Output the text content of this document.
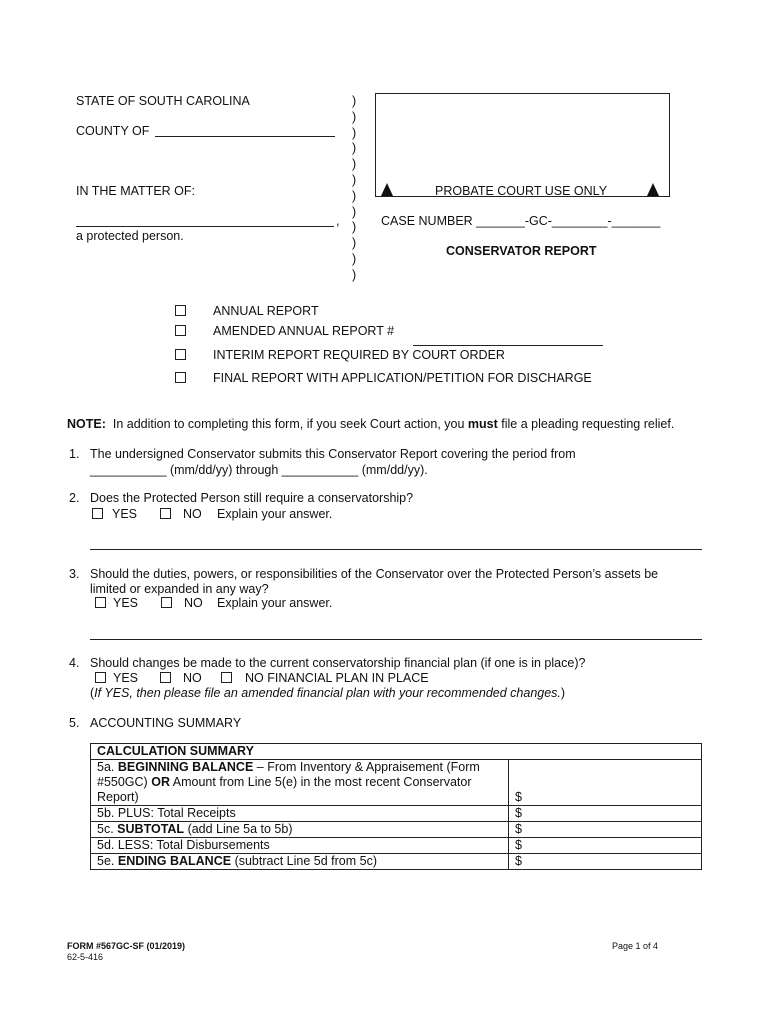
STATE OF SOUTH CAROLINA
COUNTY OF
IN THE MATTER OF:
,
a protected person.
)
)
)
)
)
)
)
)
)
)
)
)
PROBATE COURT USE ONLY
CASE NUMBER _______-GC-________-_______
CONSERVATOR REPORT
ANNUAL REPORT
AMENDED ANNUAL REPORT #
INTERIM REPORT REQUIRED BY COURT ORDER
FINAL REPORT WITH APPLICATION/PETITION FOR DISCHARGE
NOTE: In addition to completing this form, if you seek Court action, you must file a pleading requesting relief.
1. The undersigned Conservator submits this Conservator Report covering the period from
___________ (mm/dd/yy) through ___________ (mm/dd/yy).
2. Does the Protected Person still require a conservatorship?
YES	NO Explain your answer.
3. Should the duties, powers, or responsibilities of the Conservator over the Protected Person’s assets be
limited or expanded in any way?
YES	NO Explain your answer.
4. Should changes be made to the current conservatorship financial plan (if one is in place)?
YES	NO	NO FINANCIAL PLAN IN PLACE
(If YES, then please file an amended financial plan with your recommended changes.)
5. ACCOUNTING SUMMARY
CALCULATION SUMMARY	
5a. BEGINNING BALANCE – From Inventory & Appraisement (Form
#550GC) OR Amount from Line 5(e) in the most recent Conservator
Report)	$
5b. PLUS: Total Receipts	$
5c. SUBTOTAL (add Line 5a to 5b)	$
5d. LESS: Total Disbursements	$
5e. ENDING BALANCE (subtract Line 5d from 5c)	$
FORM #567GC-SF (01/2019)
62-5-416
Page 1 of 4
